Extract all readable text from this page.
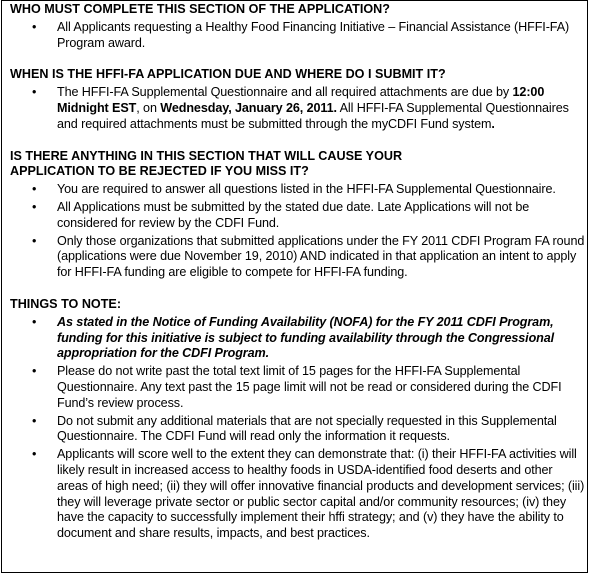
WHO MUST COMPLETE THIS SECTION OF THE APPLICATION?

• All Applicants requesting a Healthy Food Financing Initiative – Financial Assistance (HFFI-FA) Program award.

WHEN IS THE HFFI-FA APPLICATION DUE AND WHERE DO I SUBMIT IT?

• The HFFI-FA Supplemental Questionnaire and all required attachments are due by 12:00 Midnight EST, on Wednesday, January 26, 2011. All HFFI-FA Supplemental Questionnaires and required attachments must be submitted through the myCDFI Fund system.

IS THERE ANYTHING IN THIS SECTION THAT WILL CAUSE YOUR
APPLICATION TO BE REJECTED IF YOU MISS IT?

• You are required to answer all questions listed in the HFFI-FA Supplemental Questionnaire.
• All Applications must be submitted by the stated due date. Late Applications will not be considered for review by the CDFI Fund.
• Only those organizations that submitted applications under the FY 2011 CDFI Program FA round (applications were due November 19, 2010) AND indicated in that application an intent to apply for HFFI-FA funding are eligible to compete for HFFI-FA funding.

THINGS TO NOTE:

• As stated in the Notice of Funding Availability (NOFA) for the FY 2011 CDFI Program, funding for this initiative is subject to funding availability through the Congressional appropriation for the CDFI Program.
• Please do not write past the total text limit of 15 pages for the HFFI-FA Supplemental Questionnaire. Any text past the 15 page limit will not be read or considered during the CDFI Fund’s review process.
• Do not submit any additional materials that are not specially requested in this Supplemental Questionnaire. The CDFI Fund will read only the information it requests.
• Applicants will score well to the extent they can demonstrate that: (i) their HFFI-FA activities will likely result in increased access to healthy foods in USDA-identified food deserts and other areas of high need; (ii) they will offer innovative financial products and development services; (iii) they will leverage private sector or public sector capital and/or community resources; (iv) they have the capacity to successfully implement their hffi strategy; and (v) they have the ability to document and share results, impacts, and best practices.
